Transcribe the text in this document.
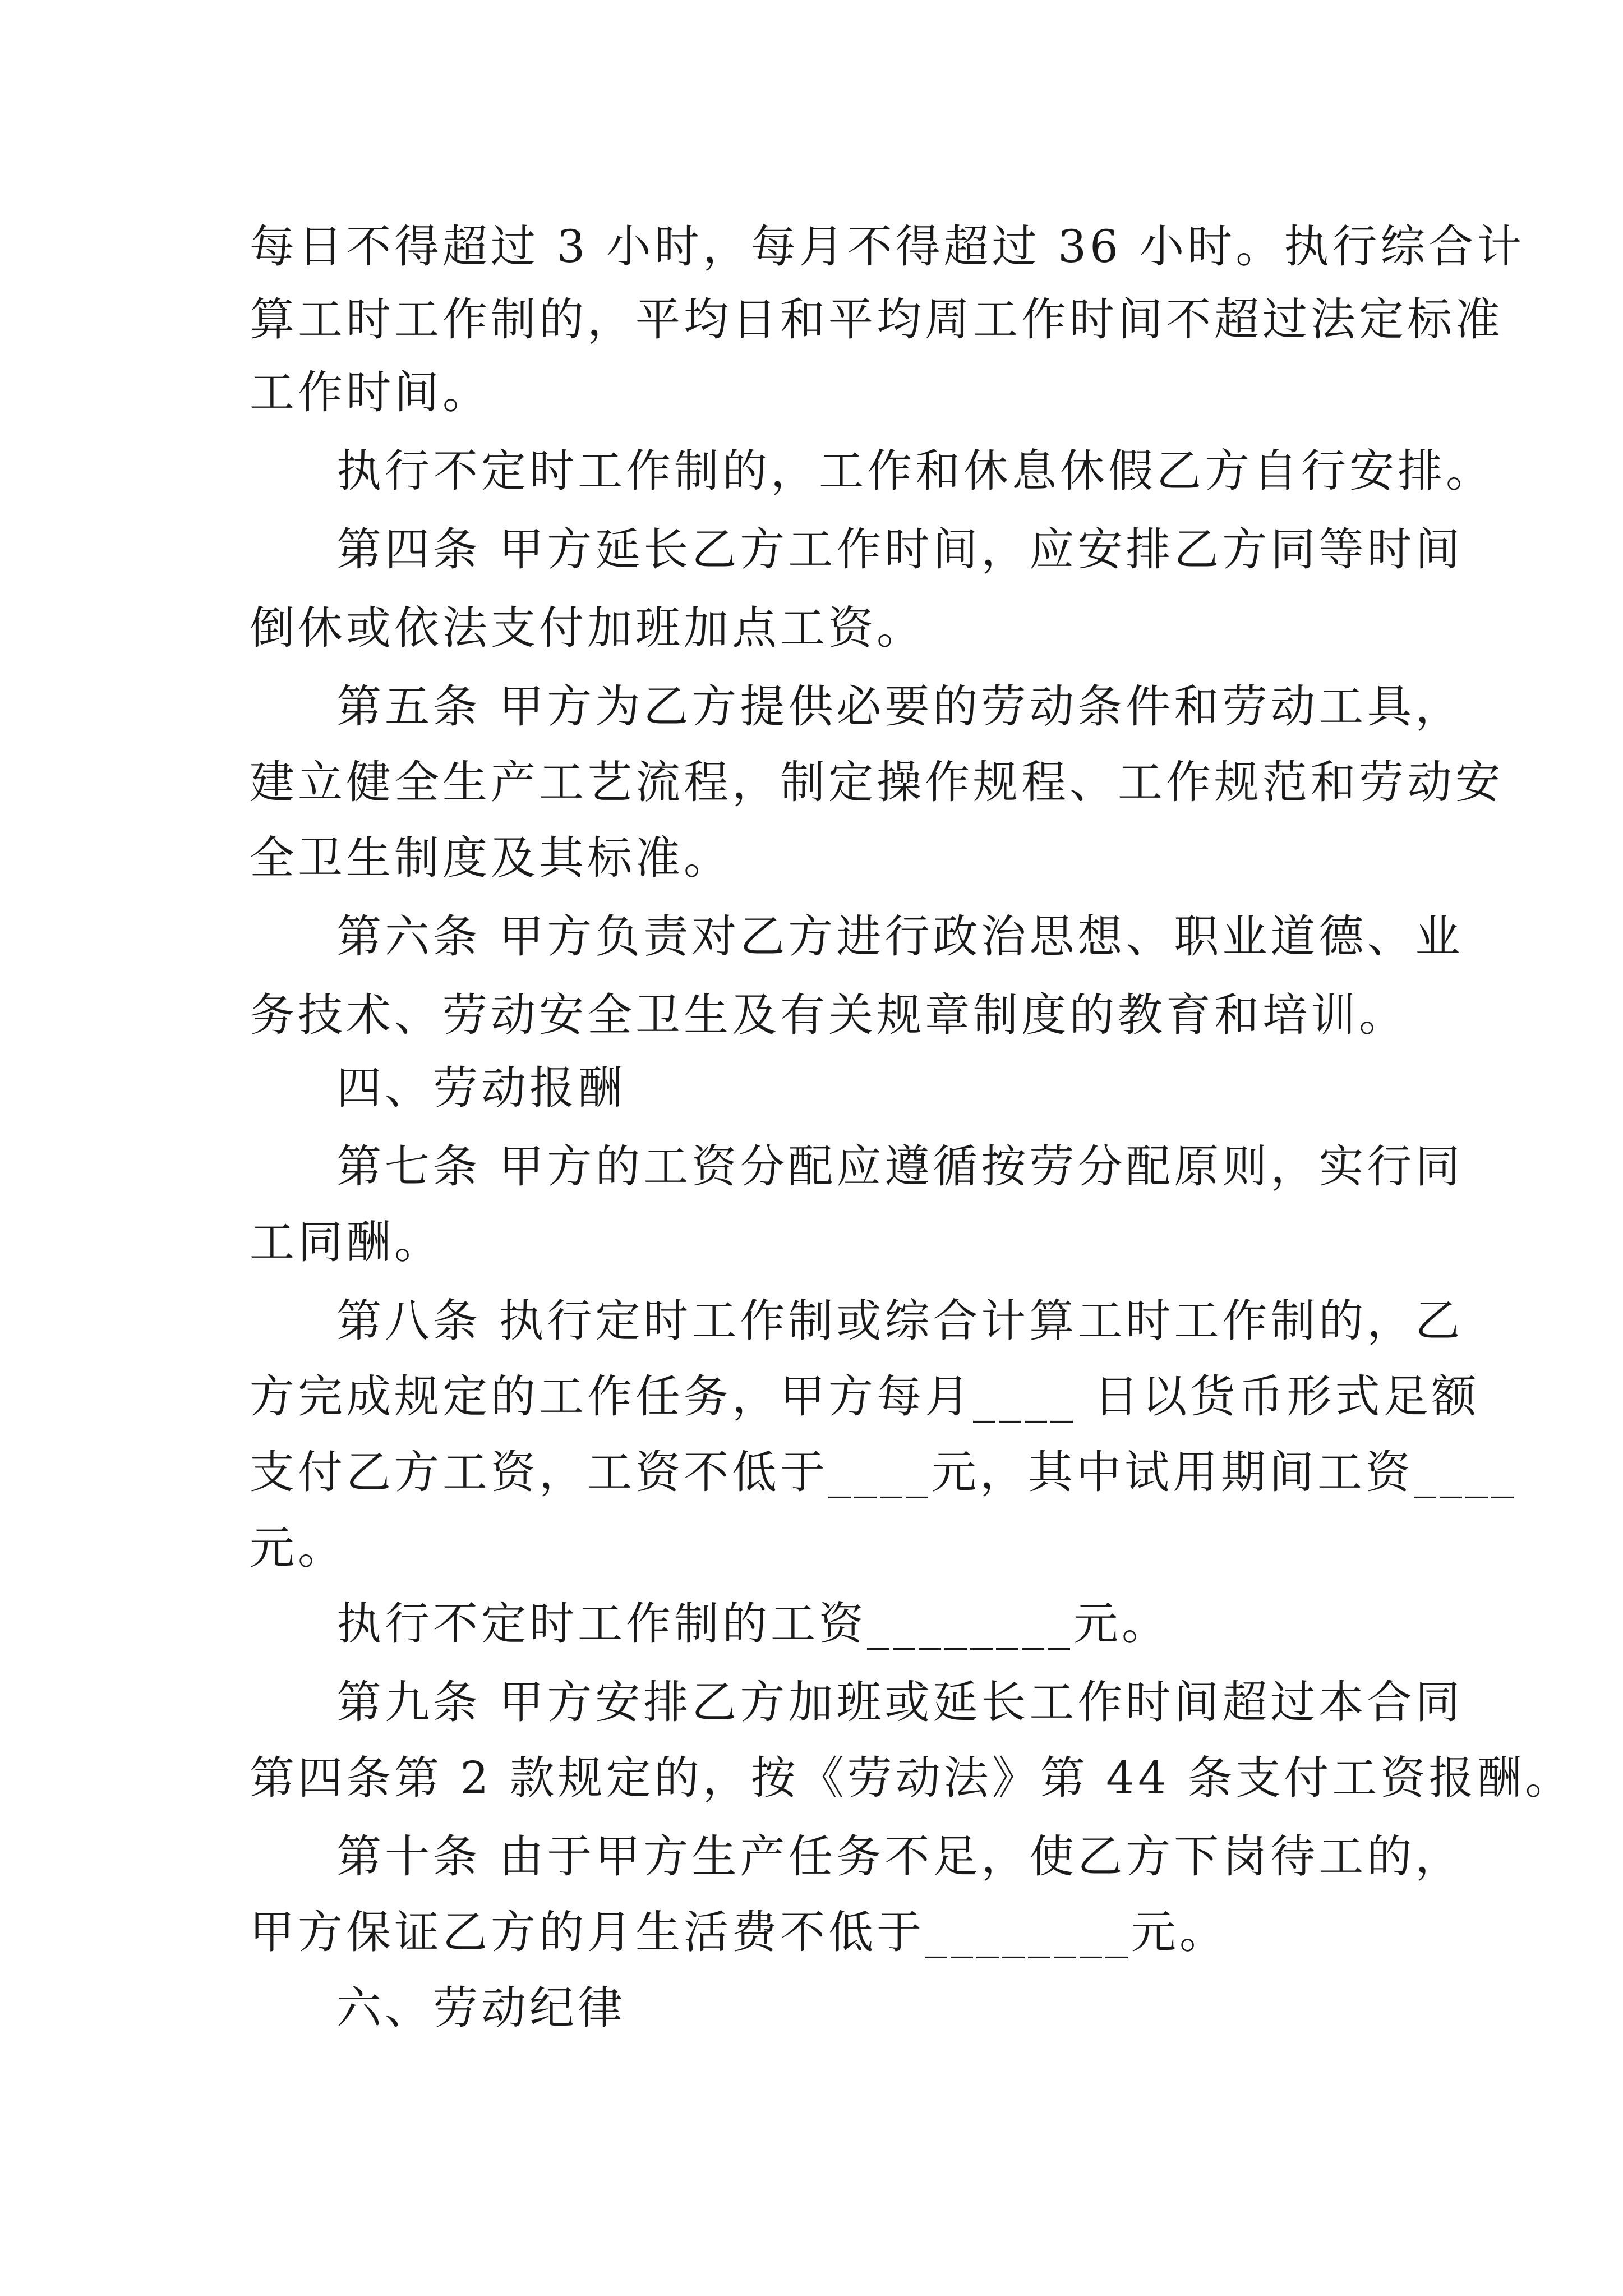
每日不得超过 3 小时，每月不得超过 36 小时。执行综合计
算工时工作制的，平均日和平均周工作时间不超过法定标准
工作时间。
执行不定时工作制的，工作和休息休假乙方自行安排。
第四条 甲方延长乙方工作时间，应安排乙方同等时间
倒休或依法支付加班加点工资。
第五条 甲方为乙方提供必要的劳动条件和劳动工具，
建立健全生产工艺流程，制定操作规程、工作规范和劳动安
全卫生制度及其标准。
第六条 甲方负责对乙方进行政治思想、职业道德、业
务技术、劳动安全卫生及有关规章制度的教育和培训。
四、劳动报酬
第七条 甲方的工资分配应遵循按劳分配原则，实行同
工同酬。
第八条 执行定时工作制或综合计算工时工作制的，乙
方完成规定的工作任务，甲方每月____ 日以货币形式足额
支付乙方工资，工资不低于____元，其中试用期间工资____
元。
执行不定时工作制的工资________元。
第九条 甲方安排乙方加班或延长工作时间超过本合同
第四条第 2 款规定的，按《劳动法》第 44 条支付工资报酬。
第十条 由于甲方生产任务不足，使乙方下岗待工的，
甲方保证乙方的月生活费不低于________元。
六、劳动纪律
